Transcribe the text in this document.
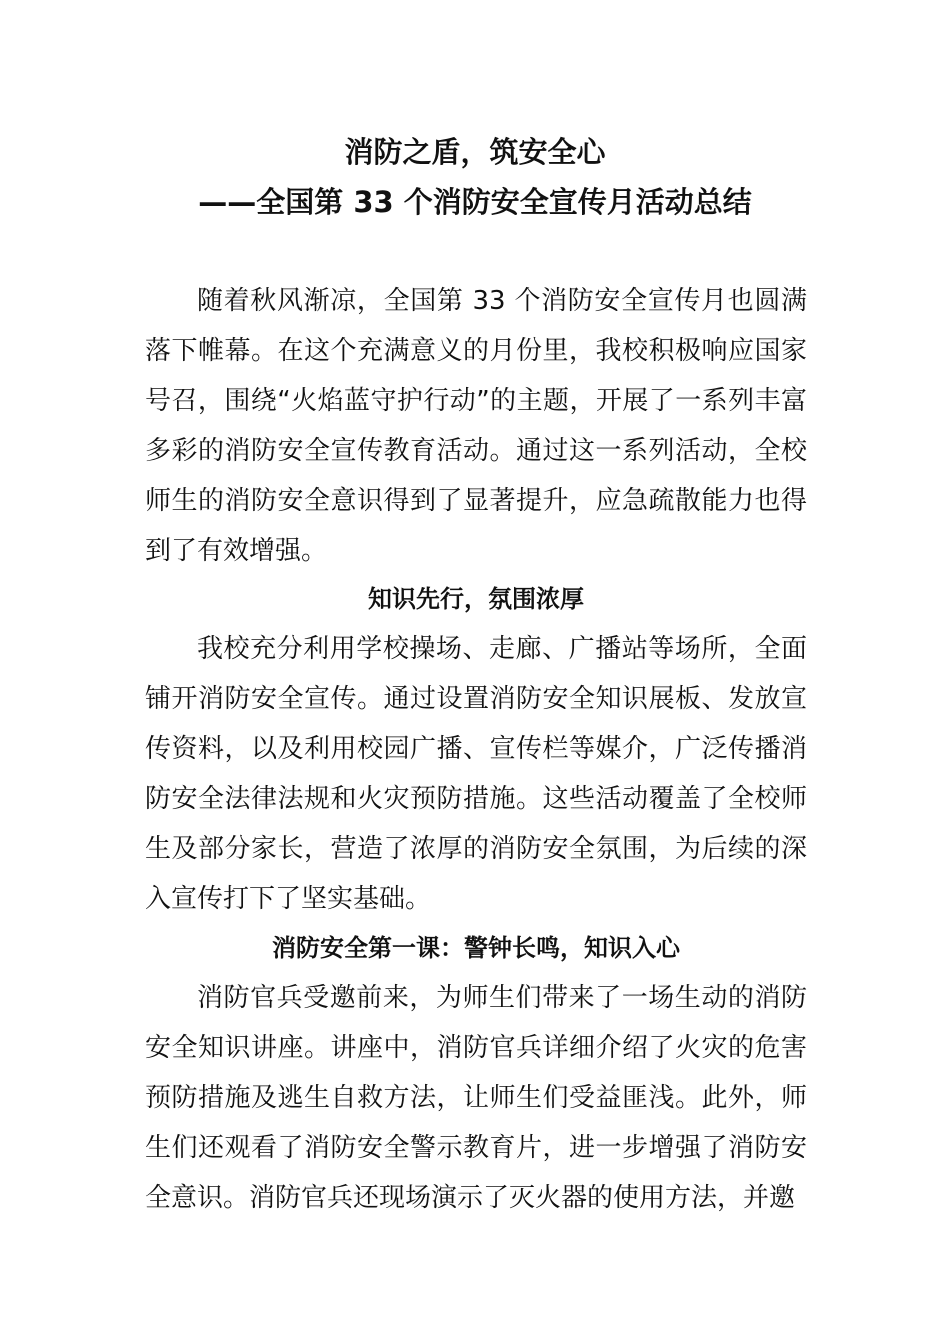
消防之盾，筑安全心
——全国第 33 个消防安全宣传月活动总结

随着秋风渐凉，全国第 33 个消防安全宣传月也圆满落下帷幕。在这个充满意义的月份里，我校积极响应国家号召，围绕“火焰蓝守护行动”的主题，开展了一系列丰富多彩的消防安全宣传教育活动。通过这一系列活动，全校师生的消防安全意识得到了显著提升，应急疏散能力也得到了有效增强。

知识先行，氛围浓厚

我校充分利用学校操场、走廊、广播站等场所，全面铺开消防安全宣传。通过设置消防安全知识展板、发放宣传资料，以及利用校园广播、宣传栏等媒介，广泛传播消防安全法律法规和火灾预防措施。这些活动覆盖了全校师生及部分家长，营造了浓厚的消防安全氛围，为后续的深入宣传打下了坚实基础。

消防安全第一课：警钟长鸣，知识入心

消防官兵受邀前来，为师生们带来了一场生动的消防安全知识讲座。讲座中，消防官兵详细介绍了火灾的危害预防措施及逃生自救方法，让师生们受益匪浅。此外，师生们还观看了消防安全警示教育片，进一步增强了消防安全意识。消防官兵还现场演示了灭火器的使用方法，并邀
